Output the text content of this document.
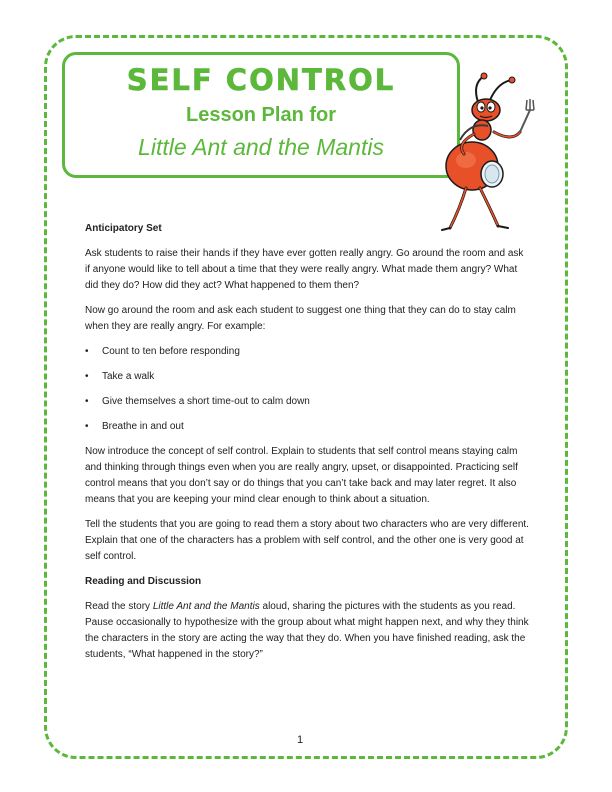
SELF CONTROL
Lesson Plan for
Little Ant and the Mantis

Anticipatory Set

Ask students to raise their hands if they have ever gotten really angry. Go around the room and ask if anyone would like to tell about a time that they were really angry. What made them angry? What did they do? How did they act? What happened to them then?

Now go around the room and ask each student to suggest one thing that they can do to stay calm when they are really angry. For example:

• Count to ten before responding
• Take a walk
• Give themselves a short time-out to calm down
• Breathe in and out

Now introduce the concept of self control. Explain to students that self control means staying calm and thinking through things even when you are really angry, upset, or disappointed. Practicing self control means that you don’t say or do things that you can’t take back and may later regret. It also means that you are keeping your mind clear enough to think about a situation.

Tell the students that you are going to read them a story about two characters who are very different. Explain that one of the characters has a problem with self control, and the other one is very good at self control.

Reading and Discussion

Read the story Little Ant and the Mantis aloud, sharing the pictures with the students as you read. Pause occasionally to hypothesize with the group about what might happen next, and why they think the characters in the story are acting the way that they do. When you have finished reading, ask the students, “What happened in the story?”

1
